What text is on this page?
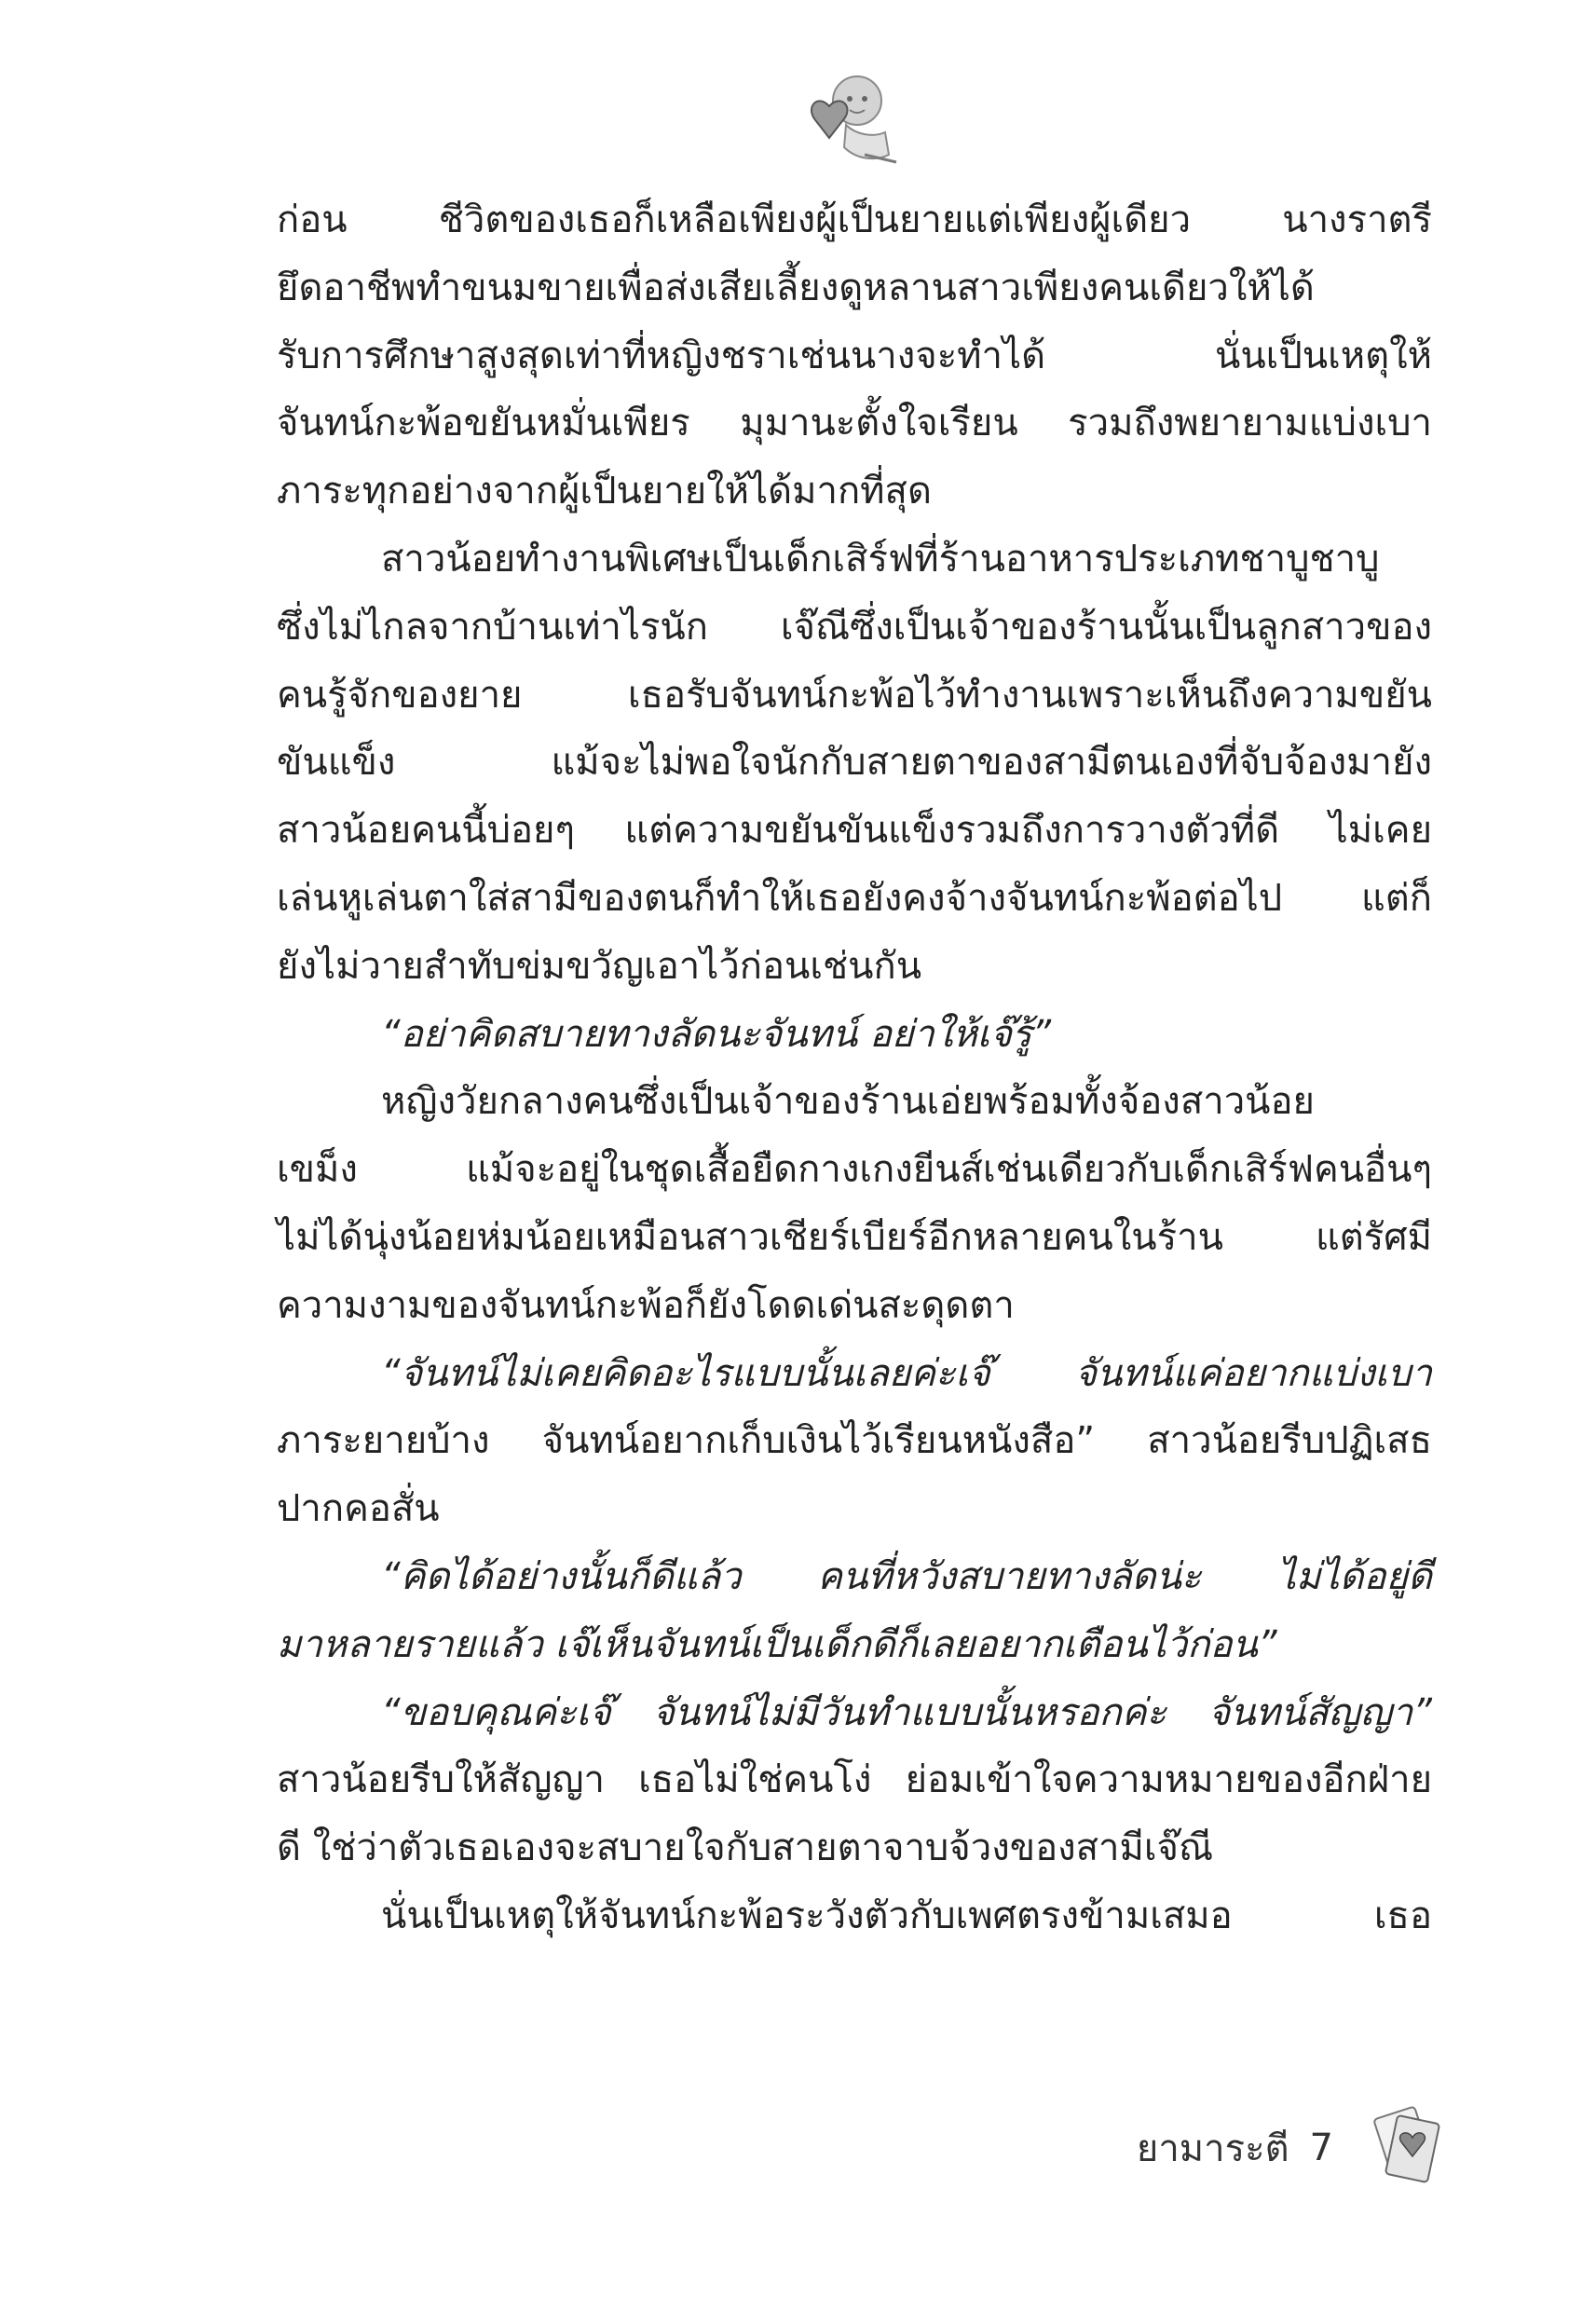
ก่อน ชีวิตของเธอก็เหลือเพียงผู้เป็นยายแต่เพียงผู้เดียว นางราตรี

ยึดอาชีพทำขนมขายเพื่อส่งเสียเลี้ยงดูหลานสาวเพียงคนเดียวให้ได้

รับการศึกษาสูงสุดเท่าที่หญิงชราเช่นนางจะทำได้ นั่นเป็นเหตุให้

จันทน์กะพ้อขยันหมั่นเพียร มุมานะตั้งใจเรียน รวมถึงพยายามแบ่งเบา

ภาระทุกอย่างจากผู้เป็นยายให้ได้มากที่สุด

สาวน้อยทำงานพิเศษเป็นเด็กเสิร์ฟที่ร้านอาหารประเภทชาบูชาบู

ซึ่งไม่ไกลจากบ้านเท่าไรนัก เจ๊ณีซึ่งเป็นเจ้าของร้านนั้นเป็นลูกสาวของ

คนรู้จักของยาย เธอรับจันทน์กะพ้อไว้ทำงานเพราะเห็นถึงความขยัน

ขันแข็ง แม้จะไม่พอใจนักกับสายตาของสามีตนเองที่จับจ้องมายัง

สาวน้อยคนนี้บ่อยๆ แต่ความขยันขันแข็งรวมถึงการวางตัวที่ดี ไม่เคย

เล่นหูเล่นตาใส่สามีของตนก็ทำให้เธอยังคงจ้างจันทน์กะพ้อต่อไป แต่ก็

ยังไม่วายสำทับข่มขวัญเอาไว้ก่อนเช่นกัน

“อย่าคิดสบายทางลัดนะจันทน์ อย่าให้เจ๊รู้”

หญิงวัยกลางคนซึ่งเป็นเจ้าของร้านเอ่ยพร้อมทั้งจ้องสาวน้อย

เขม็ง แม้จะอยู่ในชุดเสื้อยืดกางเกงยีนส์เช่นเดียวกับเด็กเสิร์ฟคนอื่นๆ

ไม่ได้นุ่งน้อยห่มน้อยเหมือนสาวเชียร์เบียร์อีกหลายคนในร้าน แต่รัศมี

ความงามของจันทน์กะพ้อก็ยังโดดเด่นสะดุดตา

“จันทน์ไม่เคยคิดอะไรแบบนั้นเลยค่ะเจ๊ จันทน์แค่อยากแบ่งเบา

ภาระยายบ้าง จันทน์อยากเก็บเงินไว้เรียนหนังสือ” สาวน้อยรีบปฏิเสธ

ปากคอสั่น

“คิดได้อย่างนั้นก็ดีแล้ว คนที่หวังสบายทางลัดน่ะ ไม่ได้อยู่ดี

มาหลายรายแล้ว เจ๊เห็นจันทน์เป็นเด็กดีก็เลยอยากเตือนไว้ก่อน”

“ขอบคุณค่ะเจ๊ จันทน์ไม่มีวันทำแบบนั้นหรอกค่ะ จันทน์สัญญา”

สาวน้อยรีบให้สัญญา เธอไม่ใช่คนโง่ ย่อมเข้าใจความหมายของอีกฝ่าย

ดี ใช่ว่าตัวเธอเองจะสบายใจกับสายตาจาบจ้วงของสามีเจ๊ณี

นั่นเป็นเหตุให้จันทน์กะพ้อระวังตัวกับเพศตรงข้ามเสมอ เธอ

ยามาระตี 7
